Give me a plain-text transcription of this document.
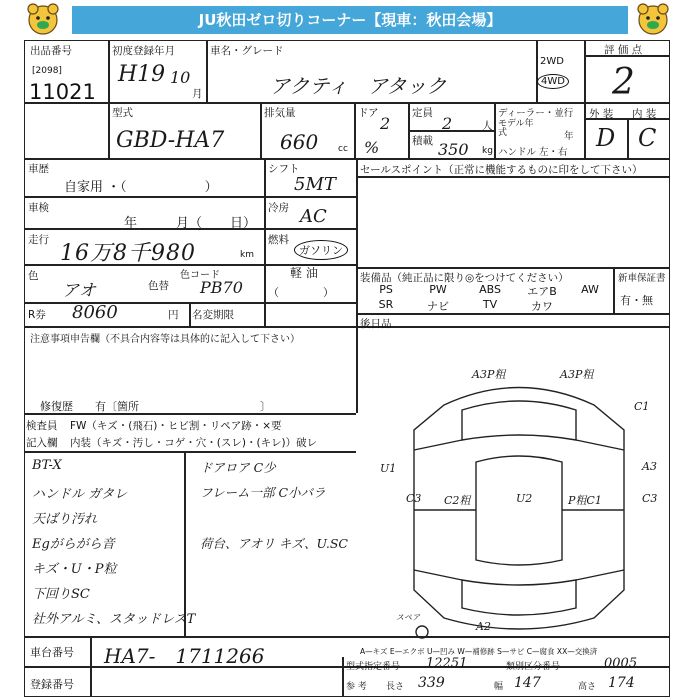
JU秋田ゼロ切りコーナー【現車：秋田会場】
出品番号
[2098]
11021
初度登録年月
H19 10
月
車名・グレード
アクティ　アタック
2WD
4WD
評 価 点
2
外 装 内 装
D C
型式
GBD-HA7
排気量
660 cc
ドア
2
%
定員
2	人
積載 350 kg
ディーラー・並行
モデル年式	年
ハンドル 左・右
車歴
自家用 ・（　　　　　　）
シフト
5MT
車検
年	月（ 日）
冷房 AC
走行
16万8千980	km
燃料
ガソリン
軽 油
（　　　　）
色
アオ	色替
色コード
PB70
R券 8060	円 名変期限
セールスポイント（正常に機能するものに印をして下さい）
装備品（純正品に限り◎をつけてください）	新車保証書
有・無
PS	PW	ABS	エアB	AW
SR	ナビ	TV	カワ
後日品
注意事項申告欄（不具合内容等は具体的に記入して下さい）
修復歴　　有〔箇所　　　　　　　　　　　〕
検査員
記入欄
FW（キズ・(飛石)・ヒビ割・リペア跡・×要
内装（キズ・汚し・コゲ・穴・(スレ)・(キレ)）破レ
BT-X
ハンドル ガタレ
天ばり汚れ
Egがらがら音
キズ・U・P粒
下回りSC
社外アルミ、スタッドレスT
ドアロア C少
フレーム一部 C小バラ
荷台、アオリ キズ、U.SC
A3P粗	A3P粗
C1
U1	A3
C3 C2粗	U2	P粗C1	C3
A2
スペア
A—キズ E—エクボ U—凹み W—補修跡 S—サビ C—腐食 XX—交換済
車台番号 HA7-　1711266
登録番号
型式指定番号 12251	類別区分番号	0005
参 考 長さ 339	幅 147	高さ 174
